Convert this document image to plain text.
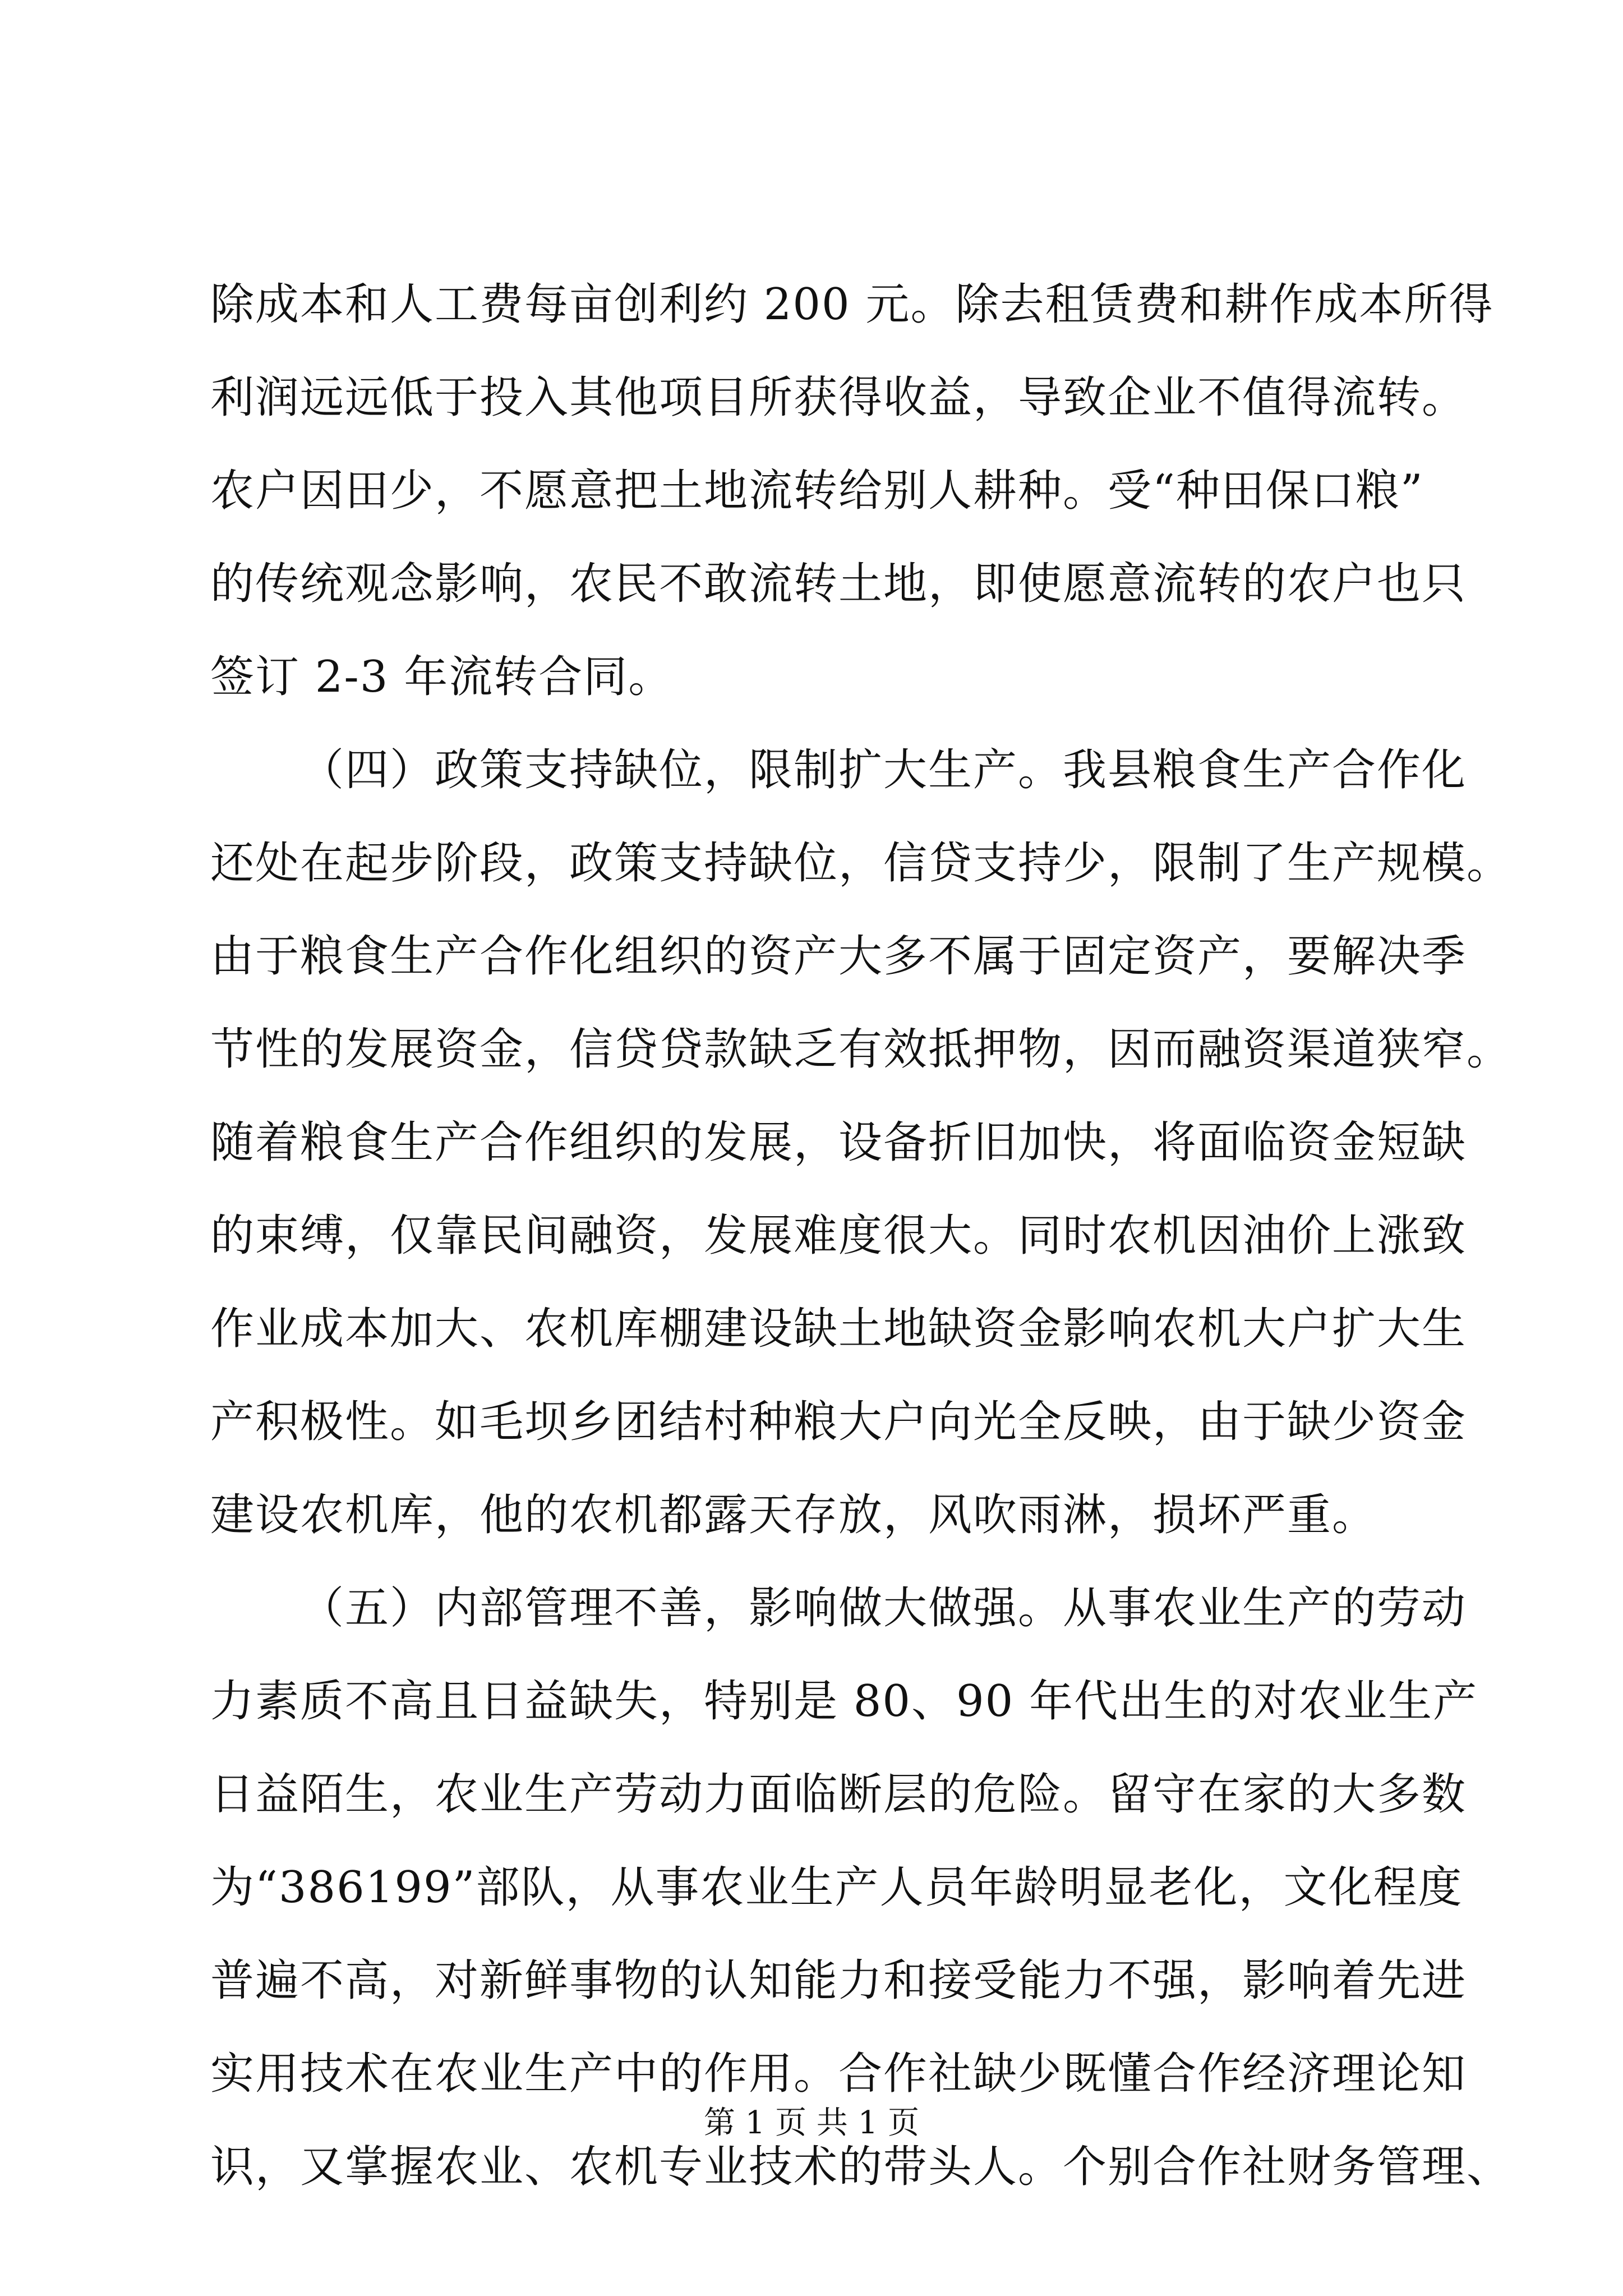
除成本和人工费每亩创利约 200 元。除去租赁费和耕作成本所得
利润远远低于投入其他项目所获得收益，导致企业不值得流转。
农户因田少，不愿意把土地流转给别人耕种。受“种田保口粮”
的传统观念影响，农民不敢流转土地，即使愿意流转的农户也只
签订 2-3 年流转合同。
（四）政策支持缺位，限制扩大生产。我县粮食生产合作化
还处在起步阶段，政策支持缺位，信贷支持少，限制了生产规模。
由于粮食生产合作化组织的资产大多不属于固定资产，要解决季
节性的发展资金，信贷贷款缺乏有效抵押物，因而融资渠道狭窄。
随着粮食生产合作组织的发展，设备折旧加快，将面临资金短缺
的束缚，仅靠民间融资，发展难度很大。同时农机因油价上涨致
作业成本加大、农机库棚建设缺土地缺资金影响农机大户扩大生
产积极性。如毛坝乡团结村种粮大户向光全反映，由于缺少资金
建设农机库，他的农机都露天存放，风吹雨淋，损坏严重。
（五）内部管理不善，影响做大做强。从事农业生产的劳动
力素质不高且日益缺失，特别是 80、90 年代出生的对农业生产
日益陌生，农业生产劳动力面临断层的危险。留守在家的大多数
为“386199”部队，从事农业生产人员年龄明显老化，文化程度
普遍不高，对新鲜事物的认知能力和接受能力不强，影响着先进
实用技术在农业生产中的作用。合作社缺少既懂合作经济理论知
识，又掌握农业、农机专业技术的带头人。个别合作社财务管理、
第 1 页 共 1 页
